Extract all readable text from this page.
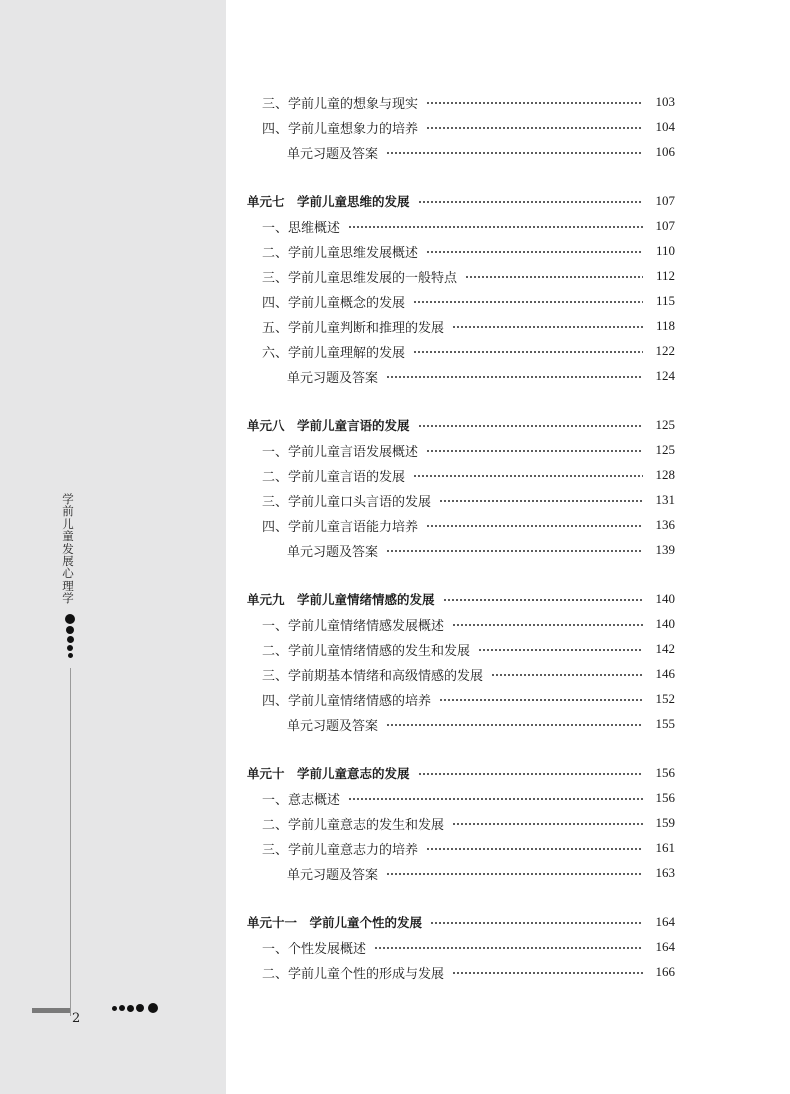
学前儿童发展心理学
2
三、学前儿童的想象与现实	103
四、学前儿童想象力的培养	104
单元习题及答案	106
单元七　学前儿童思维的发展	107
一、思维概述	107
二、学前儿童思维发展概述	110
三、学前儿童思维发展的一般特点	112
四、学前儿童概念的发展	115
五、学前儿童判断和推理的发展	118
六、学前儿童理解的发展	122
单元习题及答案	124
单元八　学前儿童言语的发展	125
一、学前儿童言语发展概述	125
二、学前儿童言语的发展	128
三、学前儿童口头言语的发展	131
四、学前儿童言语能力培养	136
单元习题及答案	139
单元九　学前儿童情绪情感的发展	140
一、学前儿童情绪情感发展概述	140
二、学前儿童情绪情感的发生和发展	142
三、学前期基本情绪和高级情感的发展	146
四、学前儿童情绪情感的培养	152
单元习题及答案	155
单元十　学前儿童意志的发展	156
一、意志概述	156
二、学前儿童意志的发生和发展	159
三、学前儿童意志力的培养	161
单元习题及答案	163
单元十一　学前儿童个性的发展	164
一、个性发展概述	164
二、学前儿童个性的形成与发展	166
